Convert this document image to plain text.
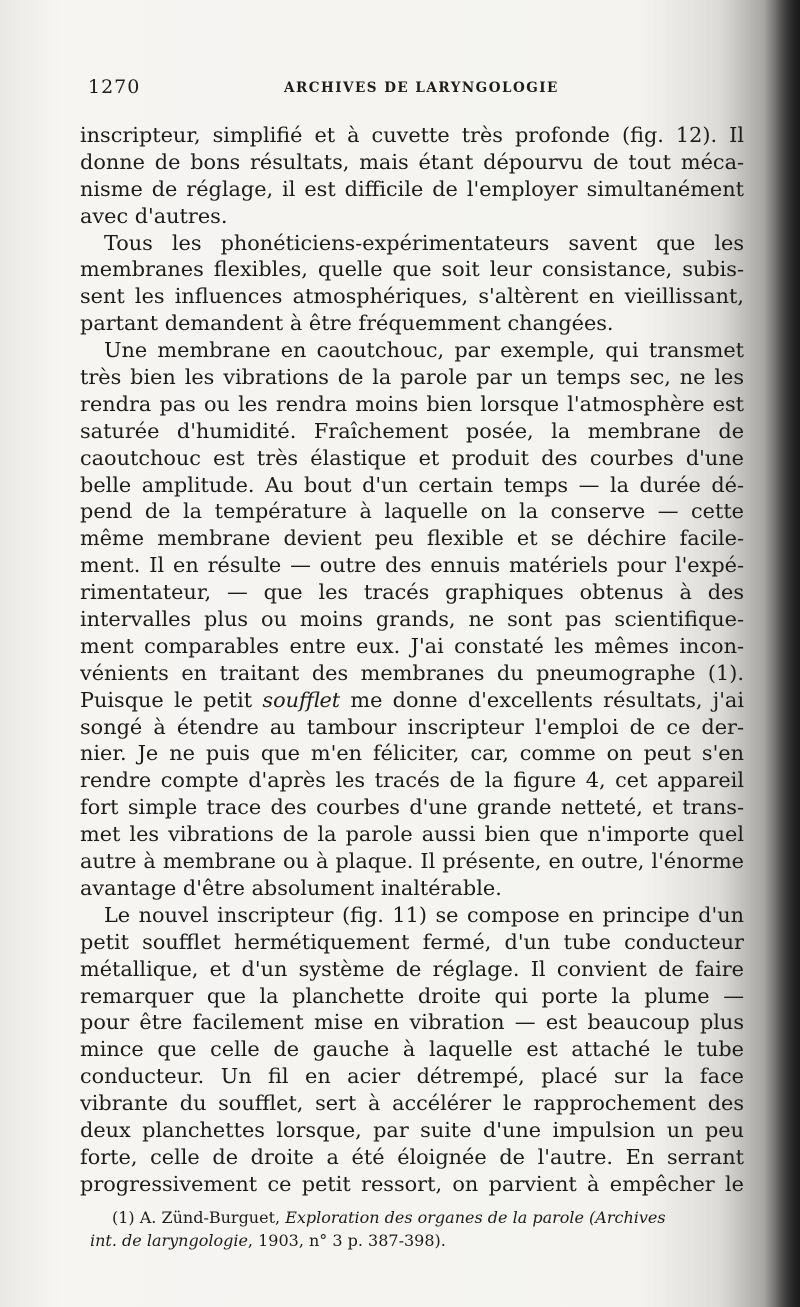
1270	ARCHIVES DE LARYNGOLOGIE
inscripteur, simplifié et à cuvette très profonde (fig. 12). Il
donne de bons résultats, mais étant dépourvu de tout méca-
nisme de réglage, il est difficile de l'employer simultanément
avec d'autres.
Tous les phonéticiens-expérimentateurs savent que les
membranes flexibles, quelle que soit leur consistance, subis-
sent les influences atmosphériques, s'altèrent en vieillissant,
partant demandent à être fréquemment changées.
Une membrane en caoutchouc, par exemple, qui transmet
très bien les vibrations de la parole par un temps sec, ne les
rendra pas ou les rendra moins bien lorsque l'atmosphère est
saturée d'humidité. Fraîchement posée, la membrane de
caoutchouc est très élastique et produit des courbes d'une
belle amplitude. Au bout d'un certain temps — la durée dé-
pend de la température à laquelle on la conserve — cette
même membrane devient peu flexible et se déchire facile-
ment. Il en résulte — outre des ennuis matériels pour l'expé-
rimentateur, — que les tracés graphiques obtenus à des
intervalles plus ou moins grands, ne sont pas scientifique-
ment comparables entre eux. J'ai constaté les mêmes incon-
vénients en traitant des membranes du pneumographe (1).
Puisque le petit soufflet me donne d'excellents résultats, j'ai
songé à étendre au tambour inscripteur l'emploi de ce der-
nier. Je ne puis que m'en féliciter, car, comme on peut s'en
rendre compte d'après les tracés de la figure 4, cet appareil
fort simple trace des courbes d'une grande netteté, et trans-
met les vibrations de la parole aussi bien que n'importe quel
autre à membrane ou à plaque. Il présente, en outre, l'énorme
avantage d'être absolument inaltérable.
Le nouvel inscripteur (fig. 11) se compose en principe d'un
petit soufflet hermétiquement fermé, d'un tube conducteur
métallique, et d'un système de réglage. Il convient de faire
remarquer que la planchette droite qui porte la plume —
pour être facilement mise en vibration — est beaucoup plus
mince que celle de gauche à laquelle est attaché le tube
conducteur. Un fil en acier détrempé, placé sur la face
vibrante du soufflet, sert à accélérer le rapprochement des
deux planchettes lorsque, par suite d'une impulsion un peu
forte, celle de droite a été éloignée de l'autre. En serrant
progressivement ce petit ressort, on parvient à empêcher le
(1) A. Zünd-Burguet, Exploration des organes de la parole (Archives
int. de laryngologie, 1903, n° 3 p. 387-398).
